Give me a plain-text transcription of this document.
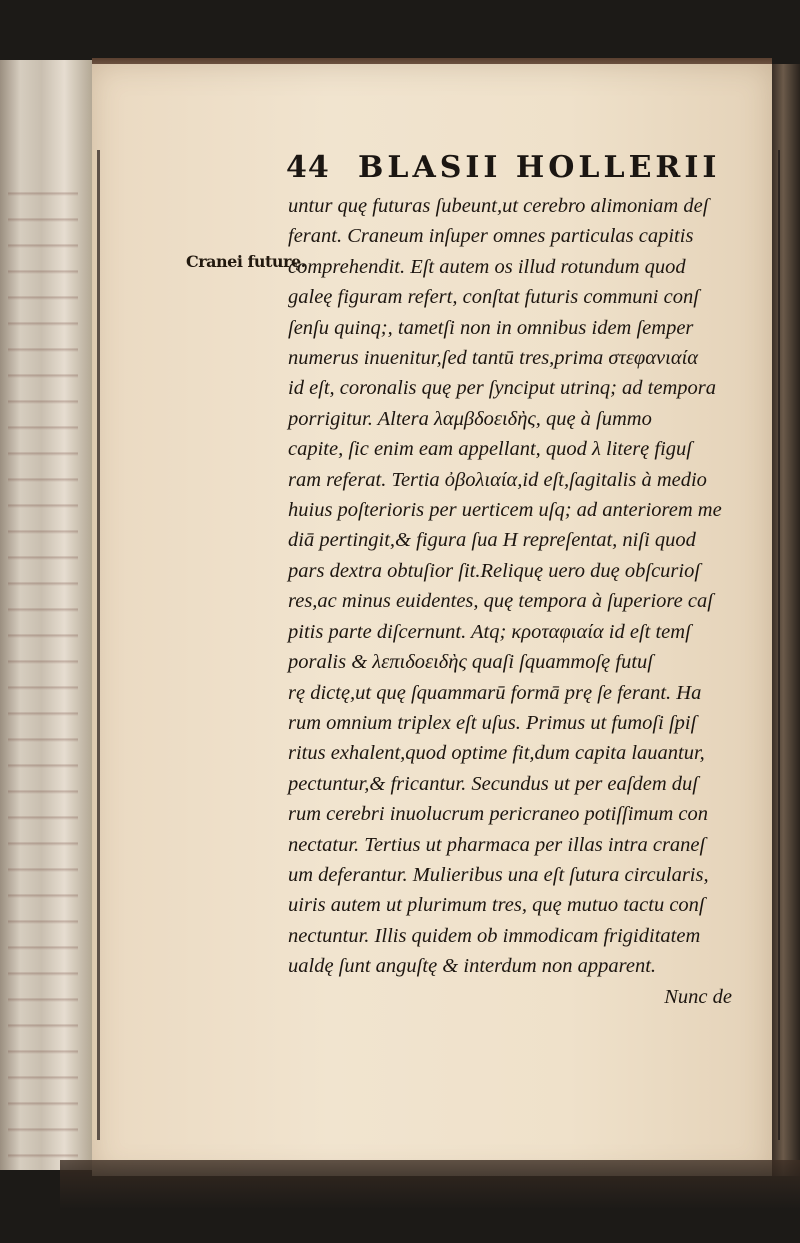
44 BLASII HOLLERII
Cranei futurę.
untur quę futuras ſubeunt,ut cerebro alimoniam deſ
ferant. Craneum inſuper omnes particulas capitis
comprehendit. Eſt autem os illud rotundum quod
galeę figuram refert, conſtat futuris communi conſ
ſenſu quinq;, tametſi non in omnibus idem ſemper
numerus inuenitur,ſed tantū tres,prima στεφανιαία
id eſt, coronalis quę per ſynciput utrinq; ad tempora
porrigitur. Altera λαμβδοειδὴς, quę à ſummo
capite, ſic enim eam appellant, quod λ literę figuſ
ram referat. Tertia ὀβολιαία,id eſt,ſagitalis à medio
huius poſterioris per uerticem uſq; ad anteriorem me
diā pertingit,& figura ſua H repreſentat, niſi quod
pars dextra obtuſior ſit.Reliquę uero duę obſcurioſ
res,ac minus euidentes, quę tempora à ſuperiore caſ
pitis parte diſcernunt. Atq; κροταφιαία id eſt temſ
poralis & λεπιδοειδὴς quaſi ſquammoſę futuſ
rę dictę,ut quę ſquammarū formā prę ſe ferant. Ha
rum omnium triplex eſt uſus. Primus ut fumoſi ſpiſ
ritus exhalent,quod optime fit,dum capita lauantur,
pectuntur,& fricantur. Secundus ut per eaſdem duſ
rum cerebri inuolucrum pericraneo potiſſimum con
nectatur. Tertius ut pharmaca per illas intra craneſ
um deferantur. Mulieribus una eſt ſutura circularis,
uiris autem ut plurimum tres, quę mutuo tactu conſ
nectuntur. Illis quidem ob immodicam frigiditatem
ualdę ſunt anguſtę & interdum non apparent.
Nunc de
